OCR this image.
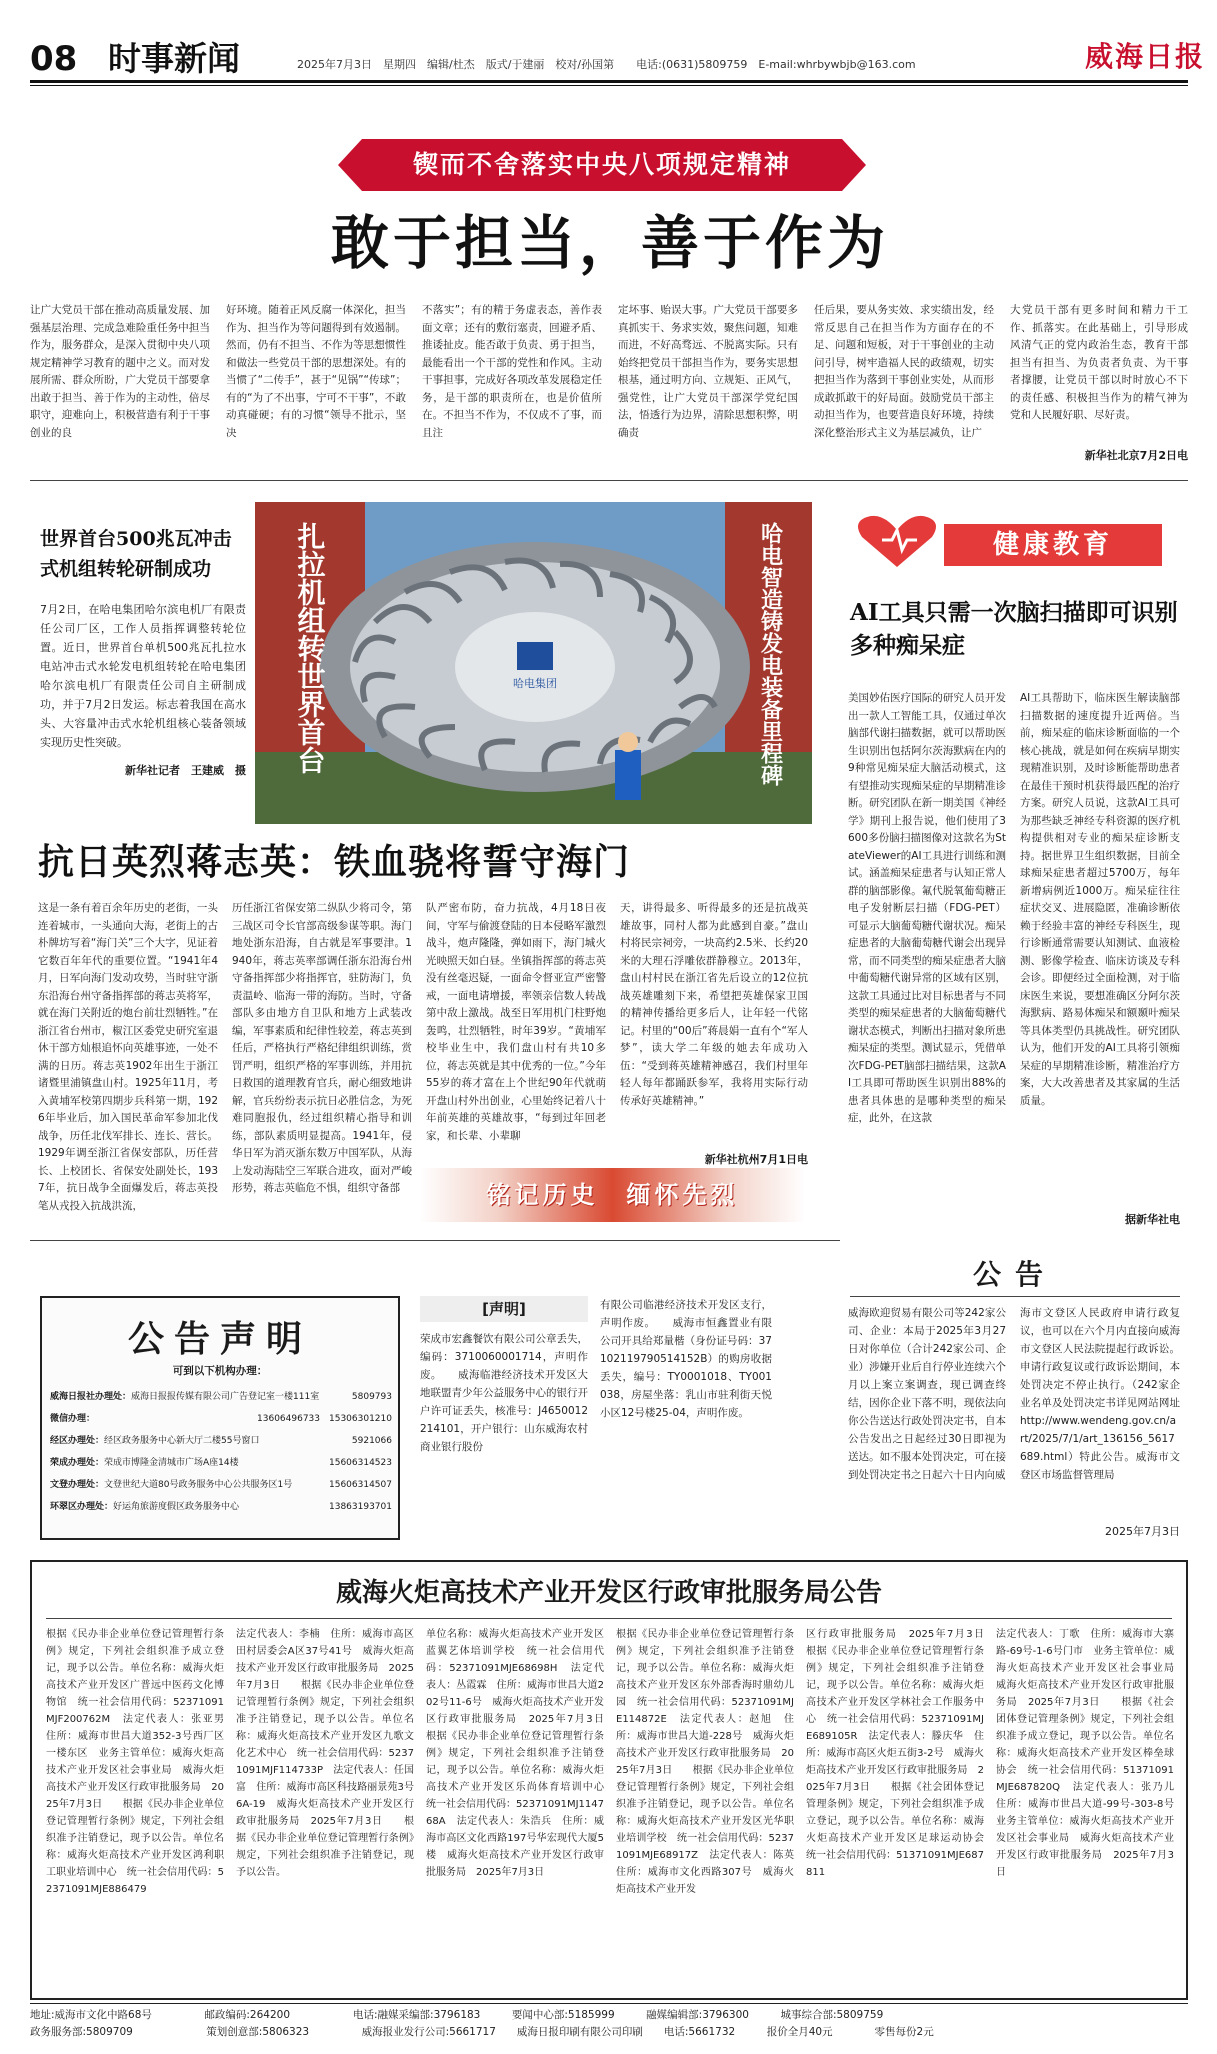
08 时事新闻	2025年7月3日　星期四　编辑/杜杰　版式/于建丽　校对/孙国第　　电话:(0631)5809759　E-mail:whrbywbjb@163.com	威海日报
锲而不舍落实中央八项规定精神
敢于担当，善于作为
让广大党员干部在推动高质量发展、加强基层治理、完成急难险重任务中担当作为，服务群众，是深入贯彻中央八项规定精神学习教育的题中之义。而对发展所需、群众所盼，广大党员干部要拿出敢于担当、善于作为的主动性，倍尽职守，迎难向上，积极营造有利于干事创业的良
好环境。随着正风反腐一体深化，担当作为、担当作为等问题得到有效遏制。然而，仍有不担当、不作为等思想惯性和做法一些党员干部的思想深处。有的当惯了“二传手”，甚于“见锅”“传球”；有的“为了不出事，宁可不干事”，不敢动真碰硬；有的习惯“领导不批示，坚决
不落实”；有的精于务虚表态，善作表面文章；还有的敷衍塞责，回避矛盾、推诿扯皮。能否敢于负责、勇于担当，最能看出一个干部的党性和作风。主动干事担事，完成好各项改革发展稳定任务，是干部的职责所在，也是价值所在。不担当不作为，不仅成不了事，而且注
定坏事、贻误大事。广大党员干部要多真抓实干、务求实效，聚焦问题，知难而进，不好高骛远、不脱离实际。只有始终把党员干部担当作为，要务实思想根基，通过明方向、立规矩、正风气，强党性，让广大党员干部深学党纪国法，悟透行为边界，清除思想积弊，明确责
任后果，要从务实效、求实绩出发，经常反思自己在担当作为方面存在的不足、问题和短板，对于干事创业的主动问引导，树牢造福人民的政绩观，切实把担当作为落到干事创业实处，从而形成敢抓敢干的好局面。鼓励党员干部主动担当作为，也要营造良好环境，持续深化整治形式主义为基层减负，让广
大党员干部有更多时间和精力干工作、抓落实。在此基础上，引导形成风清气正的党内政治生态，教育干部担当有担当、为负责者负责、为干事者撑腰，让党员干部以时时放心不下的责任感、积极担当作为的精气神为党和人民履好职、尽好责。
新华社北京7月2日电
世界首台500兆瓦冲击式机组转轮研制成功
7月2日，在哈电集团哈尔滨电机厂有限责任公司厂区，工作人员指挥调整转轮位置。近日，世界首台单机500兆瓦扎拉水电站冲击式水轮发电机组转轮在哈电集团哈尔滨电机厂有限责任公司自主研制成功，并于7月2日发运。标志着我国在高水头、大容量冲击式水轮机组核心装备领域实现历史性突破。
新华社记者　王建威　摄
哈电集团
扎拉机组转世界首台	哈电智造铸发电装备里程碑	健康教育
AI工具只需一次脑扫描即可识别多种痴呆症
美国妙佑医疗国际的研究人员开发出一款人工智能工具，仅通过单次脑部代谢扫描数据，就可以帮助医生识别出包括阿尔茨海默病在内的9种常见痴呆症大脑活动模式，这有望推动实现痴呆症的早期精准诊断。研究团队在新一期美国《神经学》期刊上报告说，他们使用了3600多份脑扫描图像对这款名为StateViewer的AI工具进行训练和测试。涵盖痴呆症患者与认知正常人群的脑部影像。氟代脱氧葡萄糖正电子发射断层扫描（FDG-PET）可显示大脑葡萄糖代谢状况。痴呆症患者的大脑葡萄糖代谢会出现异常，而不同类型的痴呆症患者大脑中葡萄糖代谢异常的区域有区别，这款工具通过比对目标患者与不同类型的痴呆症患者的大脑葡萄糖代谢状态模式，判断出扫描对象所患痴呆症的类型。测试显示，凭借单次FDG-PET脑部扫描结果，这款AI工具即可帮助医生识别出88%的患者具体患的是哪种类型的痴呆症，此外，在这款
AI工具帮助下，临床医生解读脑部扫描数据的速度提升近两倍。当前，痴呆症的临床诊断面临的一个核心挑战，就是如何在疾病早期实现精准识别，及时诊断能帮助患者在最佳干预时机获得最匹配的治疗方案。研究人员说，这款AI工具可为那些缺乏神经专科资源的医疗机构提供相对专业的痴呆症诊断支持。据世界卫生组织数据，目前全球痴呆症患者超过5700万，每年新增病例近1000万。痴呆症往往症状交叉、进展隐匿，准确诊断依赖于经验丰富的神经专科医生，现行诊断通常需要认知测试、血液检测、影像学检查、临床访谈及专科会诊。即便经过全面检测，对于临床医生来说，要想准确区分阿尔茨海默病、路易体痴呆和额颞叶痴呆等具体类型仍具挑战性。研究团队认为，他们开发的AI工具将引领痴呆症的早期精准诊断，精准治疗方案，大大改善患者及其家属的生活质量。
据新华社电
抗日英烈蒋志英：铁血骁将誓守海门
这是一条有着百余年历史的老街，一头连着城市，一头通向大海，老街上的古朴牌坊写着“海门关”三个大字，见证着它数百年年代的重要位置。“1941年4月，日军向海门发动攻势，当时驻守浙东沿海台州守备指挥部的蒋志英将军，就在海门关附近的炮台前壮烈牺牲。”在浙江省台州市，椒江区委党史研究室退休干部方灿根追怀向英雄事迹，一处不满的日历。蒋志英1902年出生于浙江诸暨里浦镇盘山村。1925年11月，考入黄埔军校第四期步兵科第一期，1926年毕业后，加入国民革命军参加北伐战争，历任北伐军排长、连长、营长。1929年调至浙江省保安部队，历任营长、上校团长、省保安处副处长，1937年，抗日战争全面爆发后，蒋志英投笔从戎投入抗战洪流，
历任浙江省保安第二纵队少将司令，第三战区司令长官部高级参谋等职。海门地处浙东沿海，自古就是军事要津。1940年，蒋志英率部调任浙东沿海台州守备指挥部少将指挥官，驻防海门，负责温岭、临海一带的海防。当时，守备部队多由地方自卫队和地方上武装改编，军事素质和纪律性较差，蒋志英到任后，严格执行严格纪律组织训练，赏罚严明，组织严格的军事训练，并用抗日救国的道理教育官兵，耐心细致地讲解，官兵纷纷表示抗日必胜信念，为死难同胞报仇，经过组织精心指导和训练，部队素质明显提高。1941年，侵华日军为消灭浙东数万中国军队，从海上发动海陆空三军联合进攻，面对严峻形势，蒋志英临危不惧，组织守备部
队严密布防，奋力抗战，4月18日夜间，守军与偷渡登陆的日本侵略军激烈战斗，炮声隆隆，弹如雨下，海门城火光映照天如白昼。坐镇指挥部的蒋志英没有丝毫迟疑，一面命令督亚宣严密警戒，一面电请增援，率领亲信数人转战第中敌上激战。战至日军用机门柱野炮轰鸣，壮烈牺牲，时年39岁。“黄埔军校毕业生中，我们盘山村有共10多位，蒋志英就是其中优秀的一位。”今年55岁的蒋才富在上个世纪90年代就萌开盘山村外出创业，心里始终记着八十年前英雄的英雄故事，“每到过年回老家，和长辈、小辈聊
天，讲得最多、听得最多的还是抗战英雄故事，同村人都为此感到自豪。”盘山村将民宗祠旁，一块高约2.5米、长约20米的大理石浮雕依群静穆立。2013年，盘山村村民在浙江省先后设立的12位抗战英雄雕刻下来，希望把英雄保家卫国的精神传播给更多后人，让年轻一代铭记。村里的“00后”蒋晨娟一直有个“军人梦”，读大学二年级的她去年成功入伍：“受到蒋英雄精神感召，我们村里年轻人每年都踊跃参军，我将用实际行动传承好英雄精神。”
新华社杭州7月1日电
铭记历史　缅怀先烈
公告声明
可到以下机构办理：
威海日报社办理处： 威海日报报传媒有限公司广告登记室一楼111室	5809793
微信办理：	13606496733　15306301210
经区办理处： 经区政务服务中心新大厅二楼55号窗口	5921066
荣成办理处： 荣成市博隆金清城市广场A座14楼	15606314523
文登办理处： 文登世纪大道80号政务服务中心公共服务区1号	15606314507
环翠区办理处： 好运角旅游度假区政务服务中心	13863193701
[声明]
荣成市宏鑫餐饮有限公司公章丢失，编码：3710060001714，声明作废。　　威海临港经济技术开发区大地联盟青少年公益服务中心的银行开户许可证丢失，核准号：J4650012214101，开户银行：山东威海农村商业银行股份
有限公司临港经济技术开发区支行，声明作废。　　威海市恒鑫置业有限公司开具给郑量楷（身份证号码：37102119790514152B）的购房收据丢失，编号：TY0001018、TY001038，房屋坐落：乳山市驻利街天悦小区12号楼25-04，声明作废。
公告
威海欧迎贸易有限公司等242家公司、企业：本局于2025年3月27日对你单位（合计242家公司、企业）涉嫌开业后自行停业连续六个月以上案立案调查，现已调查终结，因你企业下落不明，现依法向你公告送达行政处罚决定书，自本公告发出之日起经过30日即视为送达。如不服本处罚决定，可在接到处罚决定书之日起六十日内向威
海市文登区人民政府申请行政复议，也可以在六个月内直接向威海市文登区人民法院提起行政诉讼。申请行政复议或行政诉讼期间，本处罚决定不停止执行。（242家企业名单及处罚决定书详见网站网址 http://www.wendeng.gov.cn/art/2025/7/1/art_136156_5617689.html）特此公告。威海市文登区市场监督管理局
2025年7月3日
威海火炬高技术产业开发区行政审批服务局公告
根据《民办非企业单位登记管理暂行条例》规定，下列社会组织准予成立登记，现予以公告。单位名称：威海火炬高技术产业开发区广普远中医药文化博物馆　统一社会信用代码：52371091MJF200762M　法定代表人：张亚男　住所：威海市世昌大道352-3号西厂区一楼东区　业务主管单位：威海火炬高技术产业开发区社会事业局　威海火炬高技术产业开发区行政审批服务局　2025年7月3日　　根据《民办非企业单位登记管理暂行条例》规定，下列社会组织准予注销登记，现予以公告。单位名称：威海火炬高技术产业开发区鸿利职工职业培训中心　统一社会信用代码：52371091MJE886479
法定代表人：李楠　住所：威海市高区田村居委会A区37号41号　威海火炬高技术产业开发区行政审批服务局　2025年7月3日　　根据《民办非企业单位登记管理暂行条例》规定，下列社会组织准予注销登记，现予以公告。单位名称：威海火炬高技术产业开发区九歌文化艺术中心　统一社会信用代码：52371091MJF114733P　法定代表人：任国富　住所：威海市高区科技路丽景苑3号6A-19　威海火炬高技术产业开发区行政审批服务局　2025年7月3日　　根据《民办非企业单位登记管理暂行条例》规定，下列社会组织准予注销登记，现予以公告。
单位名称：威海火炬高技术产业开发区蓝翼艺体培训学校　统一社会信用代码：52371091MJE68698H　法定代表人：丛霞霖　住所：威海市世昌大道202号11-6号　威海火炬高技术产业开发区行政审批服务局　2025年7月3日　　根据《民办非企业单位登记管理暂行条例》规定，下列社会组织准予注销登记，现予以公告。单位名称：威海火炬高技术产业开发区乐尚体育培训中心　统一社会信用代码：52371091MJ114768A　法定代表人：朱浩兵　住所：威海市高区文化西路197号华宏现代大厦5楼　威海火炬高技术产业开发区行政审批服务局　2025年7月3日
根据《民办非企业单位登记管理暂行条例》规定，下列社会组织准予注销登记，现予以公告。单位名称：威海火炬高技术产业开发区东外部香海时鼎幼儿园　统一社会信用代码：52371091MJE114872E　法定代表人：赵旭　住所：威海市世昌大道-228号　威海火炬高技术产业开发区行政审批服务局　2025年7月3日　　根据《民办非企业单位登记管理暂行条例》规定，下列社会组织准予注销登记，现予以公告。单位名称：威海火炬高技术产业开发区光华职业培训学校　统一社会信用代码：52371091MJE68917Z　法定代表人：陈英　住所：威海市文化西路307号　威海火炬高技术产业开发
区行政审批服务局　2025年7月3日　　根据《民办非企业单位登记管理暂行条例》规定，下列社会组织准予注销登记，现予以公告。单位名称：威海火炬高技术产业开发区学林社会工作服务中心　统一社会信用代码：52371091MJE689105R　法定代表人：滕庆华　住所：威海市高区火炬五街3-2号　威海火炬高技术产业开发区行政审批服务局　2025年7月3日　　根据《社会团体登记管理条例》规定，下列社会组织准予成立登记，现予以公告。单位名称：威海火炬高技术产业开发区足球运动协会　统一社会信用代码：51371091MJE687811
法定代表人：丁歌　住所：威海市大寨路-69号-1-6号门市　业务主管单位：威海火炬高技术产业开发区社会事业局　威海火炬高技术产业开发区行政审批服务局　2025年7月3日　　根据《社会团体登记管理条例》规定，下列社会组织准予成立登记，现予以公告。单位名称：威海火炬高技术产业开发区棒垒球协会　统一社会信用代码：51371091MJE687820Q　法定代表人：张乃儿　住所：威海市世昌大道-99号-303-8号　业务主管单位：威海火炬高技术产业开发区社会事业局　威海火炬高技术产业开发区行政审批服务局　2025年7月3日
地址:威海市文化中路68号　　　　　邮政编码:264200　　　　　　电话:融媒采编部:3796183　　　要闻中心部:5185999　　　融媒编辑部:3796300　　　城事综合部:5809759
政务服务部:5809709　　　　　　　策划创意部:5806323　　　　　威海报业发行公司:5661717　　威海日报印刷有限公司印刷　　电话:5661732　　　报价全月40元　　　　零售每份2元
